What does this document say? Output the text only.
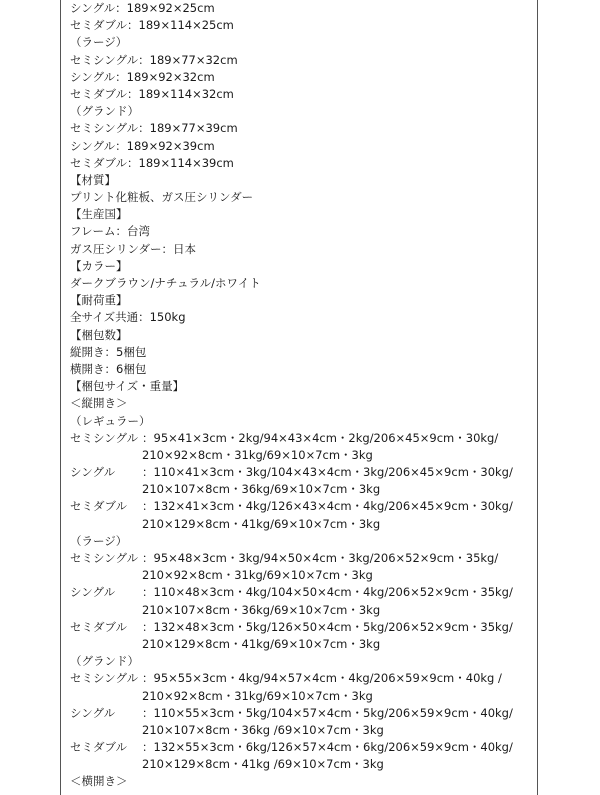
シングル：189×92×25cm
セミダブル：189×114×25cm
（ラージ）
セミシングル：189×77×32cm
シングル：189×92×32cm
セミダブル：189×114×32cm
（グランド）
セミシングル：189×77×39cm
シングル：189×92×39cm
セミダブル：189×114×39cm
【材質】
プリント化粧板、ガス圧シリンダー
【生産国】
フレーム：台湾
ガス圧シリンダー：日本
【カラー】
ダークブラウン/ナチュラル/ホワイト
【耐荷重】
全サイズ共通：150kg
【梱包数】
縦開き：5梱包
横開き：6梱包
【梱包サイズ・重量】
＜縦開き＞
（レギュラー）
セミシングル ： 95×41×3cm・2kg/94×43×4cm・2kg/206×45×9cm・30kg/
210×92×8cm・31kg/69×10×7cm・3kg
シングル	： 110×41×3cm・3kg/104×43×4cm・3kg/206×45×9cm・30kg/
210×107×8cm・36kg/69×10×7cm・3kg
セミダブル	： 132×41×3cm・4kg/126×43×4cm・4kg/206×45×9cm・30kg/
210×129×8cm・41kg/69×10×7cm・3kg
（ラージ）
セミシングル ： 95×48×3cm・3kg/94×50×4cm・3kg/206×52×9cm・35kg/
210×92×8cm・31kg/69×10×7cm・3kg
シングル	： 110×48×3cm・4kg/104×50×4cm・4kg/206×52×9cm・35kg/
210×107×8cm・36kg/69×10×7cm・3kg
セミダブル	： 132×48×3cm・5kg/126×50×4cm・5kg/206×52×9cm・35kg/
210×129×8cm・41kg/69×10×7cm・3kg
（グランド）
セミシングル ： 95×55×3cm・4kg/94×57×4cm・4kg/206×59×9cm・40kg /
210×92×8cm・31kg/69×10×7cm・3kg
シングル	： 110×55×3cm・5kg/104×57×4cm・5kg/206×59×9cm・40kg/
210×107×8cm・36kg /69×10×7cm・3kg
セミダブル	： 132×55×3cm・6kg/126×57×4cm・6kg/206×59×9cm・40kg/
210×129×8cm・41kg /69×10×7cm・3kg
＜横開き＞
